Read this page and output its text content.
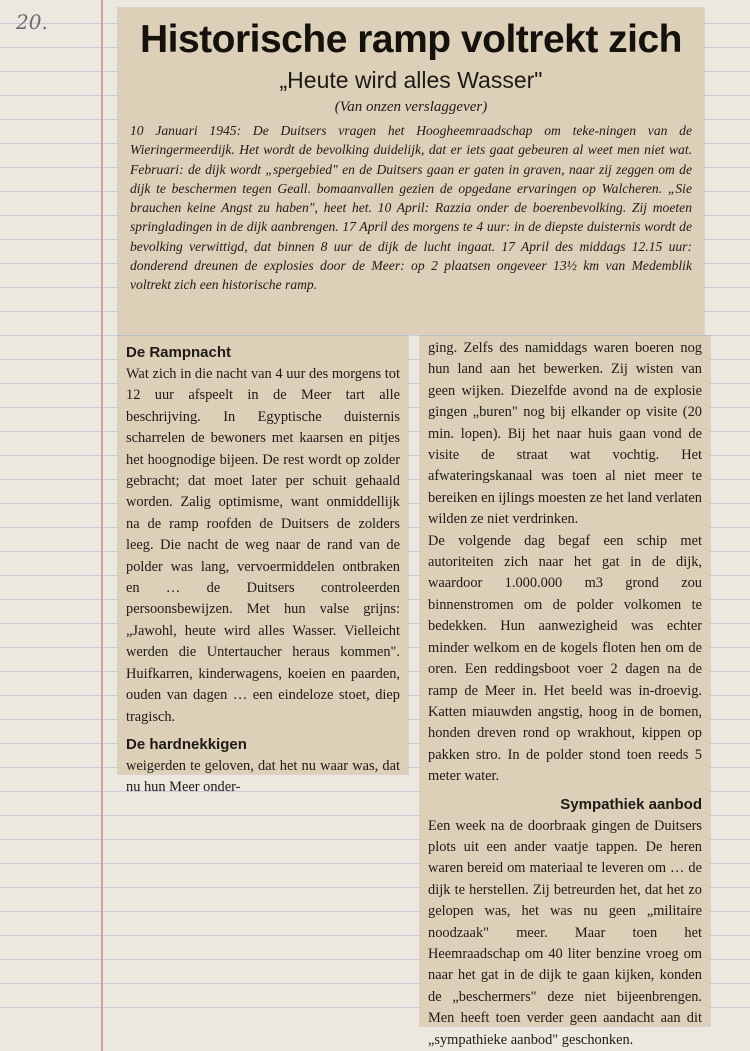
20.	Historische ramp voltrekt zich
„Heute wird alles Wasser"
(Van onzen verslaggever)
10 Januari 1945: De Duitsers vragen het Hoogheemraadschap om teke-ningen van de Wieringermeerdijk. Het wordt de bevolking duidelijk, dat er iets gaat gebeuren al weet men niet wat. Februari: de dijk wordt „spergebied" en de Duitsers gaan er gaten in graven, naar zij zeggen om de dijk te beschermen tegen Geall. bomaanvallen gezien de opgedane ervaringen op Walcheren. „Sie brauchen keine Angst zu haben", heet het. 10 April: Razzia onder de boerenbevolking. Zij moeten springladingen in de dijk aanbrengen. 17 April des morgens te 4 uur: in de diepste duisternis wordt de bevolking verwittigd, dat binnen 8 uur de dijk de lucht ingaat. 17 April des middags 12.15 uur: donderend dreunen de explosies door de Meer: op 2 plaatsen ongeveer 13½ km van Medemblik voltrekt zich een historische ramp.
De Rampnacht
Wat zich in die nacht van 4 uur des morgens tot 12 uur afspeelt in de Meer tart alle beschrijving. In Egyptische duisternis scharrelen de bewoners met kaarsen en pitjes het hoognodige bijeen. De rest wordt op zolder gebracht; dat moet later per schuit gehaald worden. Zalig optimisme, want onmiddellijk na de ramp roofden de Duitsers de zolders leeg. Die nacht de weg naar de rand van de polder was lang, vervoermiddelen ontbraken en … de Duitsers controleerden persoonsbewijzen. Met hun valse grijns: „Jawohl, heute wird alles Wasser. Vielleicht werden die Untertaucher heraus kommen". Huifkarren, kinderwagens, koeien en paarden, ouden van dagen … een eindeloze stoet, diep tragisch.
De hardnekkigen
weigerden te geloven, dat het nu waar was, dat nu hun Meer onder-
ging. Zelfs des namiddags waren boeren nog hun land aan het bewerken. Zij wisten van geen wijken. Diezelfde avond na de explosie gingen „buren" nog bij elkander op visite (20 min. lopen). Bij het naar huis gaan vond de visite de straat wat vochtig. Het afwateringskanaal was toen al niet meer te bereiken en ijlings moesten ze het land verlaten wilden ze niet verdrinken.
De volgende dag begaf een schip met autoriteiten zich naar het gat in de dijk, waardoor 1.000.000 m3 grond zou binnenstromen om de polder volkomen te bedekken. Hun aanwezigheid was echter minder welkom en de kogels floten hen om de oren. Een reddingsboot voer 2 dagen na de ramp de Meer in. Het beeld was in-droevig. Katten miauwden angstig, hoog in de bomen, honden dreven rond op wrakhout, kippen op pakken stro. In de polder stond toen reeds 5 meter water.
Sympathiek aanbod
Een week na de doorbraak gingen de Duitsers plots uit een ander vaatje tappen. De heren waren bereid om materiaal te leveren om … de dijk te herstellen. Zij betreurden het, dat het zo gelopen was, het was nu geen „militaire noodzaak" meer. Maar toen het Heemraadschap om 40 liter benzine vroeg om naar het gat in de dijk te gaan kijken, konden de „beschermers" deze niet bijeenbrengen. Men heeft toen verder geen aandacht aan dit „sympathieke aanbod" geschonken.
